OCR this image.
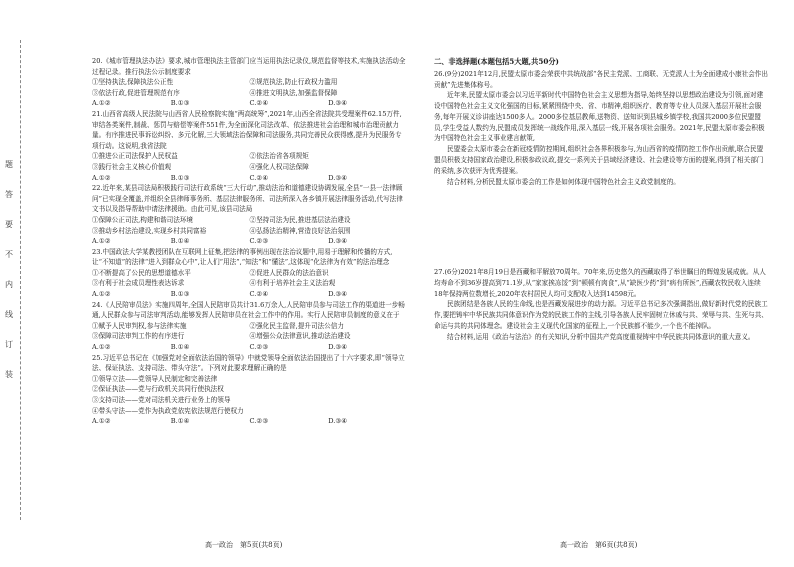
题
答
要
不
内
线
订
装

20.《城市管理执法办法》要求,城市管理执法主管部门应当运用执法记录仪,规范监督等技术,实施执法活动全过程记录。推行执法公示制度要求

①坚持执法,保障执法公正性	②规范执法,防止行政权力滥用
③依法行政,促进管理规范有序	④推进文明执法,加强监督保障
A.①②	B.①③	C.②④	D.③④

21.山西省高级人民法院与山西省人民检察院实施“两高统筹”,2021年,山西全省法院共受理案件62.15万件,审结各类案件,制裁、惩罚与赔偿等案件551件,为全面深化司法改革、依法推进社会治理和城市治理贡献力量。有序推进民事诉讼纠纷、多元化解,三大领域法治保障和司法服务,共同完善民众获得感,提升为民服务专项行动。这说明,我省法院

①推进公正司法保护人民权益	②依法治省各项规矩
③践行社会主义核心价值观	④强化人权司法保障
A.①②	B.①③	C.②④	D.③④

22.近年来,某县司法局积极践行司法行政系统“三大行动”,推动法治和道德建设协调发展,全县“一县一法律顾问”已实现全覆盖,并组织全县律师事务所、基层法律服务所、司法所深入各乡镇开展法律服务活动,代写法律文书以及指导帮助申请法律援助。由此可见,该县司法局

①保障公正司法,构建和谐司法环境	②坚持司法为民,推进基层法治建设
③推动乡村法治建设,实现乡村共同富裕	④弘扬法治精神,营造良好法治氛围
A.①②	B.①④	C.②③	D.③④

23.中国政法大学某教授团队在互联网上征集,把法律的事例出现在法治议题中,用易于理解和传播的方式,让“不知道”的法律“进入到群众心中”,让人们“用法”,“知法”和“懂法”,这体现“化法律为有效”的法治理念

①不断提高了公民的思想道德水平	②促进人民群众的法治意识
③有利于社会成员理性表达诉求	④有利于培养社会主义法治观
A.①②	B.①③	C.②④	D.③④

24.《人民陪审员法》实施四周年,全国人民陪审员共计31.6万余人,人民陪审员参与司法工作的渠道进一步畅通,人民群众参与司法审判活动,能够发挥人民陪审员在社会工作中的作用。实行人民陪审员制度的意义在于

①赋予人民审判权,参与法律实施	②强化民主监督,提升司法公信力
③保障司法审判工作的有序进行	④增强公众法律意识,推动法治建设
A.①②	B.①④	C.②③	D.③④

25.习近平总书记在《加强党对全面依法治国的领导》中就党领导全面依法治国提出了十六字要求,即“领导立法、保证执法、支持司法、带头守法”。下列对此要求理解正确的是

①领导立法——党领导人民制定和完善法律
②保证执法——党与行政机关共同行使执法权
③支持司法——党对司法机关进行业务上的领导
④带头守法——党作为执政党依宪依法规范行使权力
A.①②	B.①④	C.②③	D.③④

二、非选择题(本题包括5大题,共50分)

26.(9分)2021年12月,民盟太原市委会荣获中共统战部“各民主党派、工商联、无党派人士为全面建成小康社会作出贡献”先进集体称号。

近年来,民盟太原市委会以习近平新时代中国特色社会主义思想为指导,始终坚持以思想政治建设为引领,面对建设中国特色社会主义文化强国的目标,紧紧围绕中央、省、市精神,组织医疗、教育等专业人员深入基层开展社会服务,每年开展义诊讲座达1500多人。2000多位基层教师,送物资、送知识到县城乡镇学校,我国共2000多位民盟盟员,学生受益人数约为,民盟成员发挥统一战线作用,深入基层一线,开展各项社会服务。2021年,民盟太原市委会积极为中国特色社会主义事业建言献策,

民盟委会太原市委会在新冠疫情防控期间,组织社会各界积极参与,为山西省的疫情防控工作作出贡献,联合民盟盟员积极支持国家政治建设,积极参政议政,提交一系列关于县域经济建设、社会建设等方面的提案,得到了相关部门的采纳,多次获评为优秀提案。

结合材料,分析民盟太原市委会的工作是如何体现中国特色社会主义政党制度的。

27.(6分)2021年8月19日是西藏和平解放70周年。70年来,历史悠久的西藏取得了举世瞩目的辉煌发展成就。从人均寿命不到36岁提高到71.1岁,从“家家挨冻馁”到“顿顿有肉食”,从“缺医少药”到“病有所医”,西藏农牧民收入连续18年保持两位数增长,2020年农村居民人均可支配收入达到14598元。

民族团结是各族人民的生命线,也是西藏发展进步的动力源。习近平总书记多次强调指出,做好新时代党的民族工作,要把铸牢中华民族共同体意识作为党的民族工作的主线,引导各族人民牢固树立休戚与共、荣辱与共、生死与共、命运与共的共同体理念。建设社会主义现代化国家的征程上,一个民族都不能少,一个也不能掉队。

结合材料,运用《政治与法治》的有关知识,分析中国共产党高度重视铸牢中华民族共同体意识的重大意义。

高一政治　第5页(共8页)	高一政治　第6页(共8页)
